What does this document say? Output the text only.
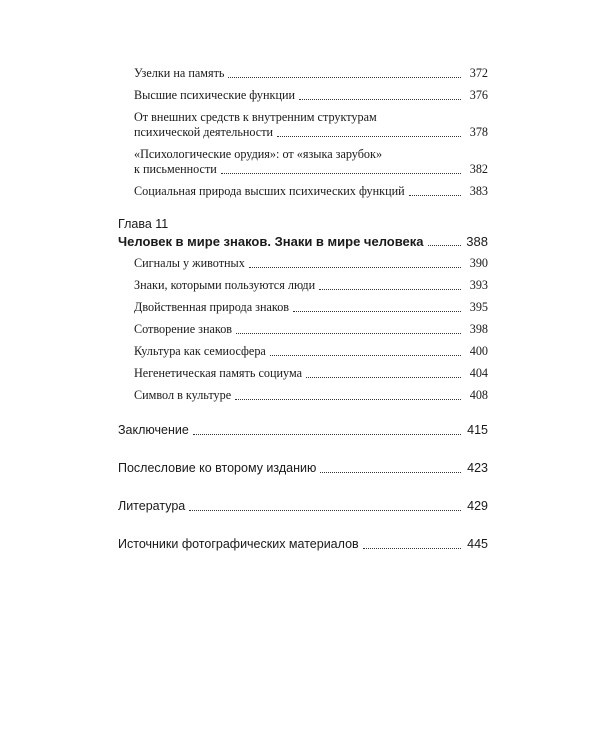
Узелки на память	372
Высшие психические функции	376
От внешних средств к внутренним структурам
психической деятельности	378
«Психологические орудия»: от «языка зарубок»
к письменности	382
Социальная природа высших психических функций	383
Глава 11
Человек в мире знаков. Знаки в мире человека	388
Сигналы у животных	390
Знаки, которыми пользуются люди	393
Двойственная природа знаков	395
Сотворение знаков	398
Культура как семиосфера	400
Негенетическая память социума	404
Символ в культуре	408
Заключение	415
Послесловие ко второму изданию	423
Литература	429
Источники фотографических материалов	445
